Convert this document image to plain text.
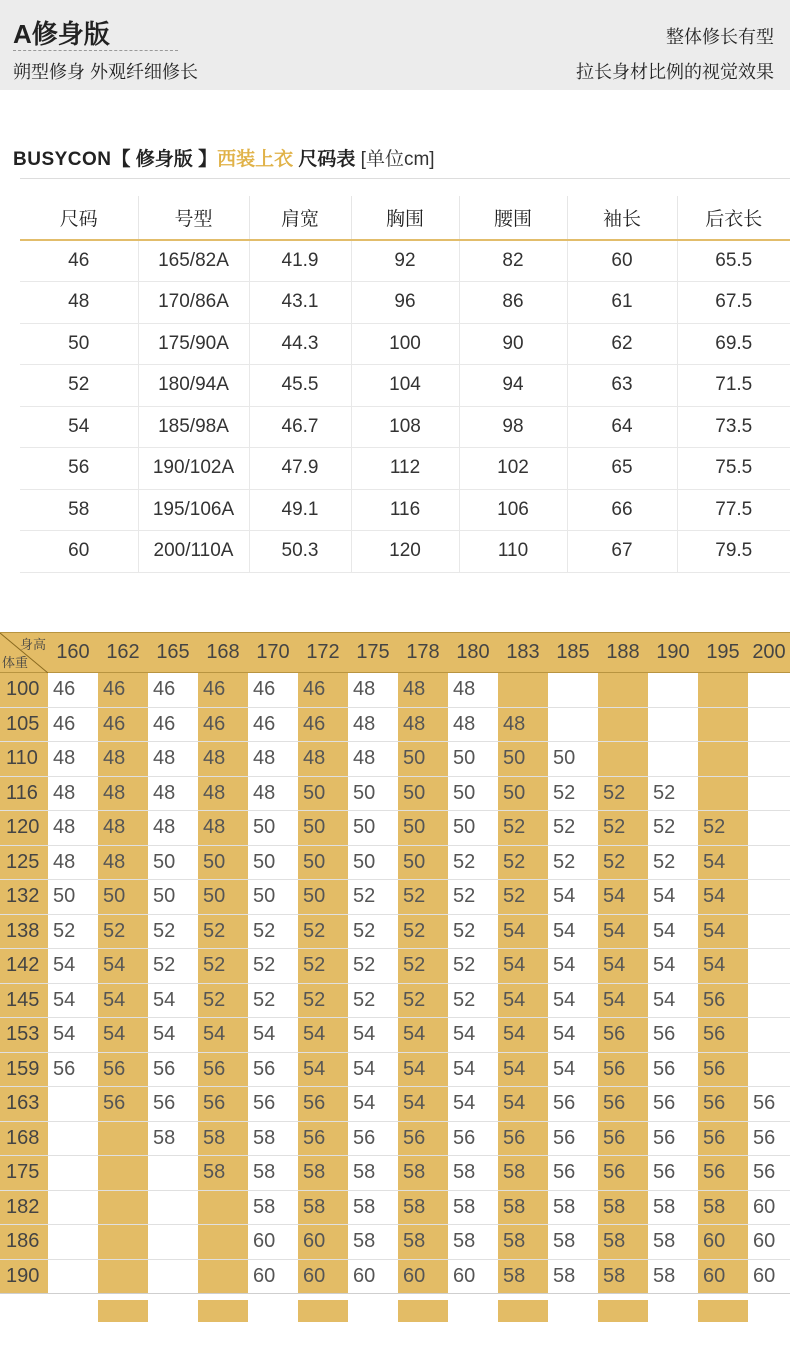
A修身版
朔型修身 外观纤细修长
整体修长有型
拉长身材比例的视觉效果
BUSYCON【 修身版 】西装上衣 尺码表 [单位cm]
尺码	号型	肩宽	胸围	腰围	袖长	后衣长
46	165/82A	41.9	92	82	60	65.5
48	170/86A	43.1	96	86	61	67.5
50	175/90A	44.3	100	90	62	69.5
52	180/94A	45.5	104	94	63	71.5
54	185/98A	46.7	108	98	64	73.5
56	190/102A	47.9	112	102	65	75.5
58	195/106A	49.1	116	106	66	77.5
60	200/110A	50.3	120	110	67	79.5
身高
体重	160	162	165	168	170	172	175	178	180	183	185	188	190	195	200
100	46	46	46	46	46	46	48	48	48						
105	46	46	46	46	46	46	48	48	48	48					
110	48	48	48	48	48	48	48	50	50	50	50				
116	48	48	48	48	48	50	50	50	50	50	52	52	52		
120	48	48	48	48	50	50	50	50	50	52	52	52	52	52	
125	48	48	50	50	50	50	50	50	52	52	52	52	52	54	
132	50	50	50	50	50	50	52	52	52	52	54	54	54	54	
138	52	52	52	52	52	52	52	52	52	54	54	54	54	54	
142	54	54	52	52	52	52	52	52	52	54	54	54	54	54	
145	54	54	54	52	52	52	52	52	52	54	54	54	54	56	
153	54	54	54	54	54	54	54	54	54	54	54	56	56	56	
159	56	56	56	56	56	54	54	54	54	54	54	56	56	56	
163		56	56	56	56	56	54	54	54	54	56	56	56	56	56
168			58	58	58	56	56	56	56	56	56	56	56	56	56
175				58	58	58	58	58	58	58	56	56	56	56	56
182					58	58	58	58	58	58	58	58	58	58	60
186					60	60	58	58	58	58	58	58	58	60	60
190					60	60	60	60	60	58	58	58	58	60	60
